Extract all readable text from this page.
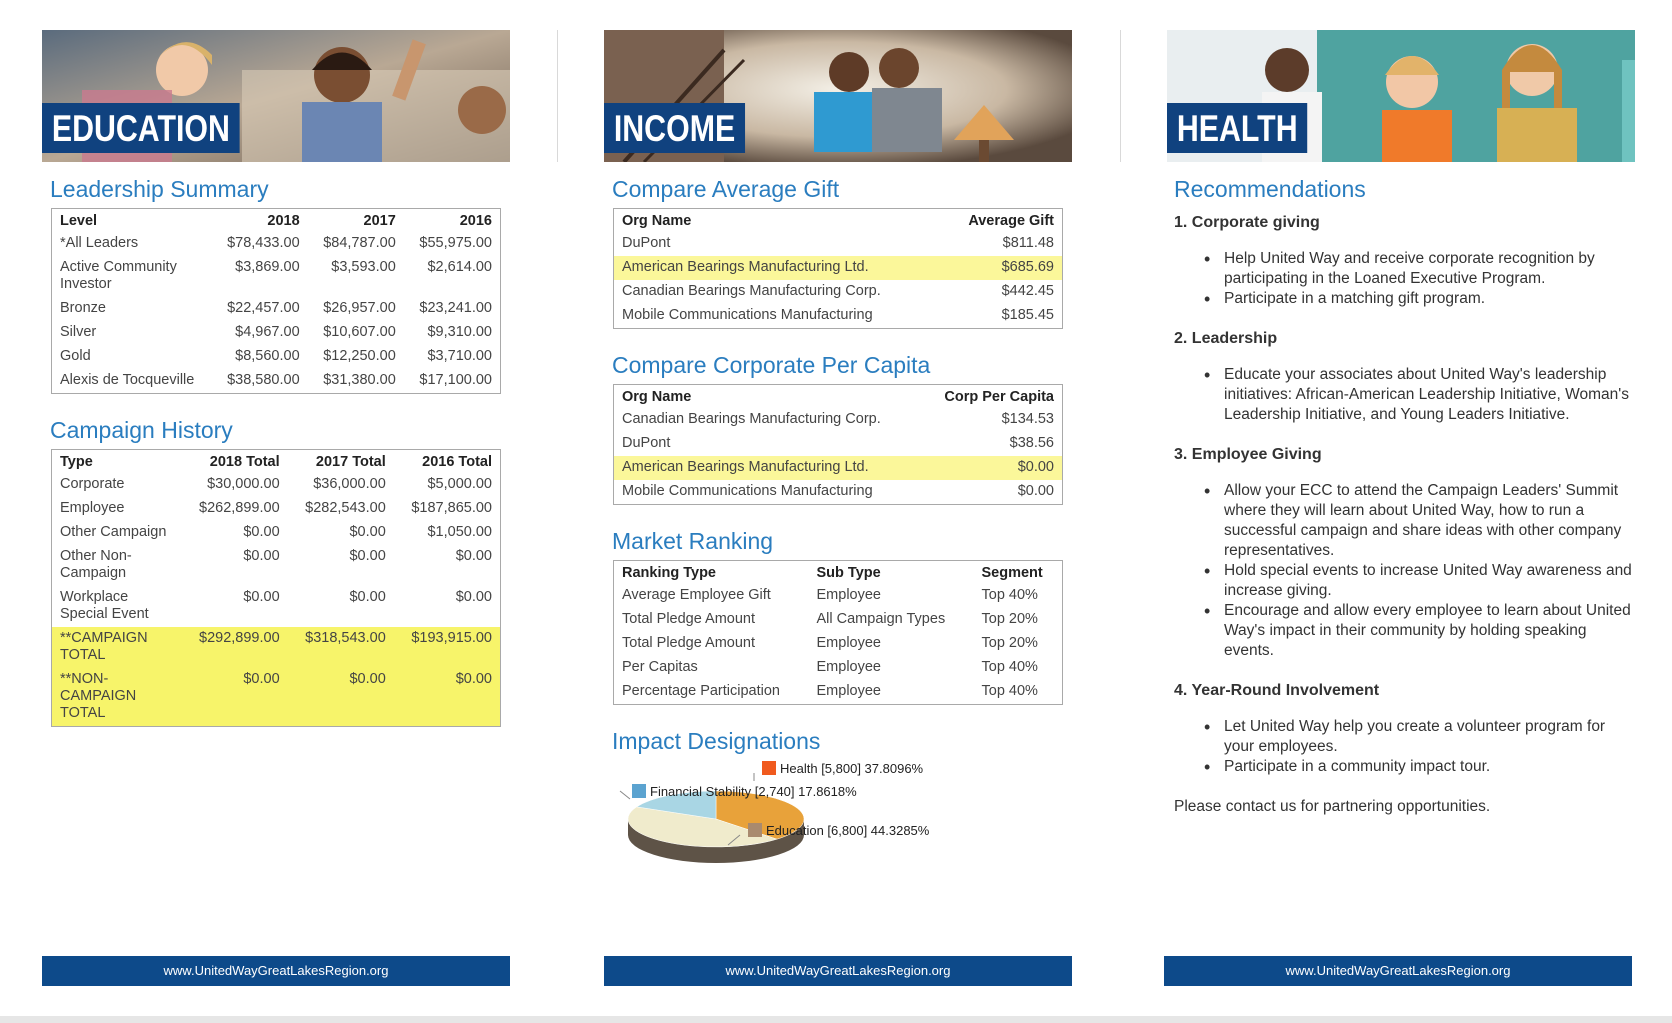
EDUCATION
Leadership Summary
Level	2018	2017	2016
*All Leaders	$78,433.00	$84,787.00	$55,975.00
Active Community Investor	$3,869.00	$3,593.00	$2,614.00
Bronze	$22,457.00	$26,957.00	$23,241.00
Silver	$4,967.00	$10,607.00	$9,310.00
Gold	$8,560.00	$12,250.00	$3,710.00
Alexis de Tocqueville	$38,580.00	$31,380.00	$17,100.00
Campaign History
Type	2018 Total	2017 Total	2016 Total
Corporate	$30,000.00	$36,000.00	$5,000.00
Employee	$262,899.00	$282,543.00	$187,865.00
Other Campaign	$0.00	$0.00	$1,050.00
Other Non-Campaign	$0.00	$0.00	$0.00
Workplace Special Event	$0.00	$0.00	$0.00
**CAMPAIGN TOTAL	$292,899.00	$318,543.00	$193,915.00
**NON-CAMPAIGN TOTAL	$0.00	$0.00	$0.00
www.UnitedWayGreatLakesRegion.org
INCOME
Compare Average Gift
Org Name	Average Gift
DuPont	$811.48
American Bearings Manufacturing Ltd.	$685.69
Canadian Bearings Manufacturing Corp.	$442.45
Mobile Communications Manufacturing	$185.45
Compare Corporate Per Capita
Org Name	Corp Per Capita
Canadian Bearings Manufacturing Corp.	$134.53
DuPont	$38.56
American Bearings Manufacturing Ltd.	$0.00
Mobile Communications Manufacturing	$0.00
Market Ranking
Ranking Type	Sub Type	Segment
Average Employee Gift	Employee	Top 40%
Total Pledge Amount	All Campaign Types	Top 20%
Total Pledge Amount	Employee	Top 20%
Per Capitas	Employee	Top 40%
Percentage Participation	Employee	Top 40%
Impact Designations
Health [5,800] 37.8096%
Financial Stability [2,740] 17.8618%
Education [6,800] 44.3285%
www.UnitedWayGreatLakesRegion.org
HEALTH
Recommendations
1. Corporate giving
• Help United Way and receive corporate recognition by participating in the Loaned Executive Program.
• Participate in a matching gift program.
2. Leadership
• Educate your associates about United Way's leadership initiatives: African-American Leadership Initiative, Woman's Leadership Initiative, and Young Leaders Initiative.
3. Employee Giving
• Allow your ECC to attend the Campaign Leaders' Summit where they will learn about United Way, how to run a successful campaign and share ideas with other company representatives.
• Hold special events to increase United Way awareness and increase giving.
• Encourage and allow every employee to learn about United Way's impact in their community by holding speaking events.
4. Year-Round Involvement
• Let United Way help you create a volunteer program for your employees.
• Participate in a community impact tour.

Please contact us for partnering opportunities.

www.UnitedWayGreatLakesRegion.org
